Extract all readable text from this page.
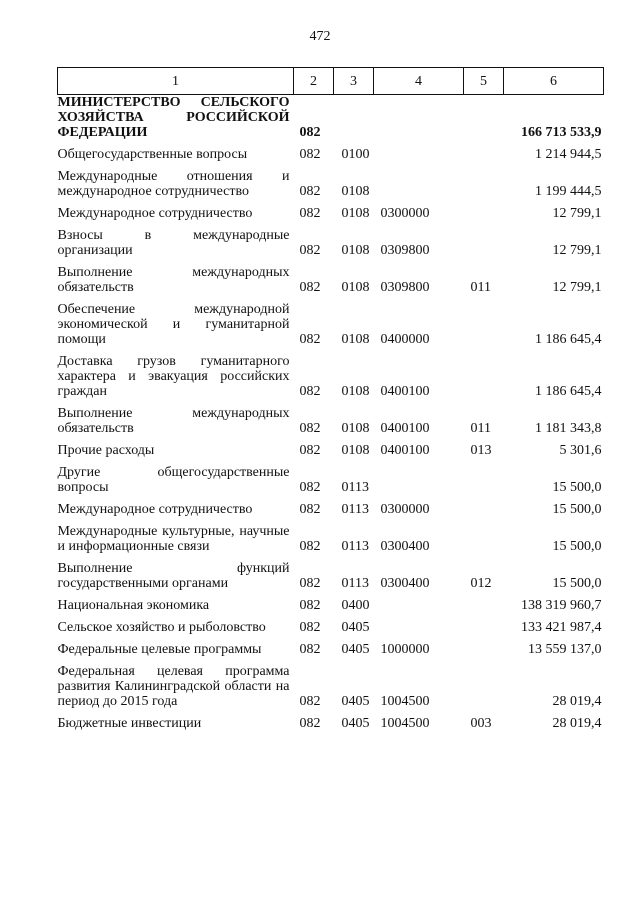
472
1	2	3	4	5	6
МИНИСТЕРСТВО СЕЛЬСКОГО ХОЗЯЙСТВА РОССИЙСКОЙ ФЕДЕРАЦИИ	082				166 713 533,9

Общегосударственные вопросы	082	0100			1 214 944,5

Международные отношения и международное сотрудничество	082	0108			1 199 444,5

Международное сотрудничество	082	0108	0300000		12 799,1

Взносы в международные организации	082	0108	0309800		12 799,1

Выполнение международных обязательств	082	0108	0309800	011	12 799,1

Обеспечение международной экономической и гуманитарной помощи	082	0108	0400000		1 186 645,4

Доставка грузов гуманитарного характера и эвакуация российских граждан	082	0108	0400100		1 186 645,4

Выполнение международных обязательств	082	0108	0400100	011	1 181 343,8

Прочие расходы	082	0108	0400100	013	5 301,6

Другие общегосударственные вопросы	082	0113			15 500,0

Международное сотрудничество	082	0113	0300000		15 500,0

Международные культурные, научные и информационные связи	082	0113	0300400		15 500,0

Выполнение функций государственными органами	082	0113	0300400	012	15 500,0

Национальная экономика	082	0400			138 319 960,7

Сельское хозяйство и рыболовство	082	0405			133 421 987,4

Федеральные целевые программы	082	0405	1000000		13 559 137,0

Федеральная целевая программа развития Калининградской области на период до 2015 года	082	0405	1004500		28 019,4

Бюджетные инвестиции	082	0405	1004500	003	28 019,4
